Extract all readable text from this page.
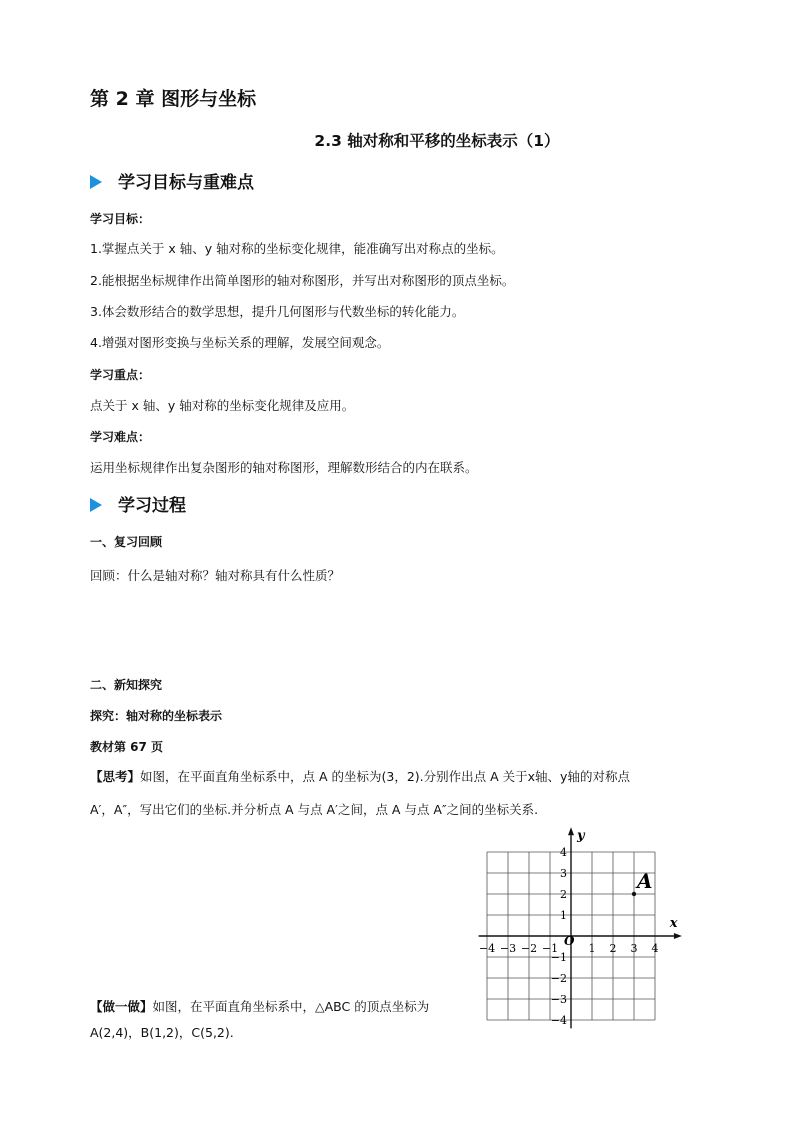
第 2 章 图形与坐标
2.3 轴对称和平移的坐标表示（1）
学习目标与重难点
学习目标：
1.掌握点关于 x 轴、y 轴对称的坐标变化规律，能准确写出对称点的坐标。
2.能根据坐标规律作出简单图形的轴对称图形，并写出对称图形的顶点坐标。
3.体会数形结合的数学思想，提升几何图形与代数坐标的转化能力。
4.增强对图形变换与坐标关系的理解，发展空间观念。
学习重点：
点关于 x 轴、y 轴对称的坐标变化规律及应用。
学习难点：
运用坐标规律作出复杂图形的轴对称图形，理解数形结合的内在联系。
学习过程
一、复习回顾
回顾：什么是轴对称？轴对称具有什么性质？
二、新知探究
探究：轴对称的坐标表示
教材第 67 页
【思考】如图，在平面直角坐标系中，点 A 的坐标为(3，2).分别作出点 A 关于x轴、y轴的对称点
A′，A″，写出它们的坐标.并分析点 A 与点 A′之间，点 A 与点 A″之间的坐标关系.
【做一做】如图，在平面直角坐标系中，△ABC 的顶点坐标为
A(2,4)，B(1,2)，C(5,2).
−4 −3 −2 −1	1 2 3 4
4
3
2
1
−1
−2
−3
−4
x
y
O
A
